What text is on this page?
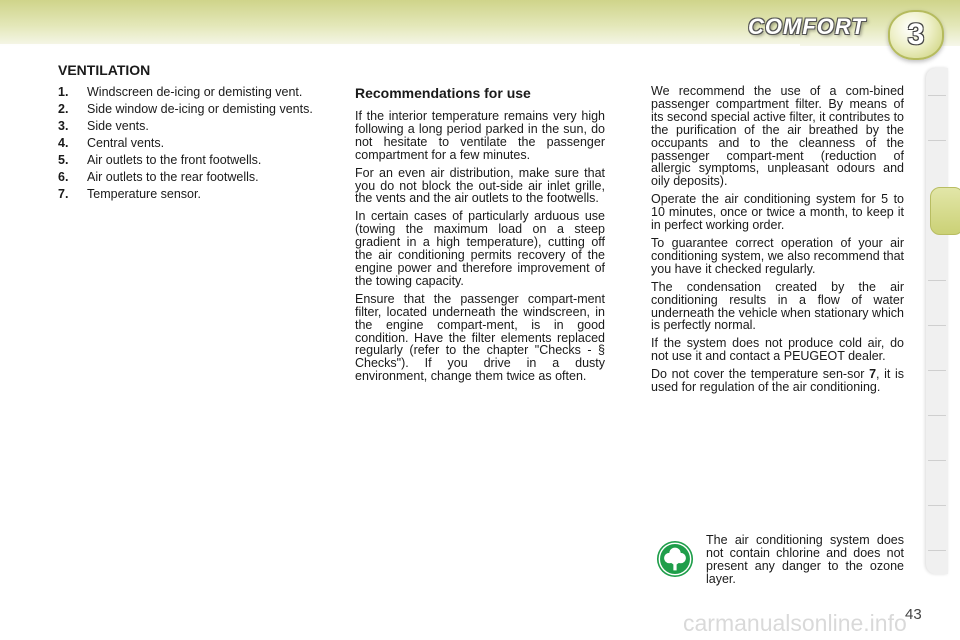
COMFORT	3
VENTILATION
1.	Windscreen de-icing or demisting vent.
2.	Side window de-icing or demisting vents.
3.	Side vents.
4.	Central vents.
5.	Air outlets to the front footwells.
6.	Air outlets to the rear footwells.
7.	Temperature sensor.
Recommendations for use

If the interior temperature remains very high following a long period parked in the sun, do not hesitate to ventilate the passenger compartment for a few minutes.

For an even air distribution, make sure that you do not block the out-side air inlet grille, the vents and the air outlets to the footwells.

In certain cases of particularly arduous use (towing the maximum load on a steep gradient in a high temperature), cutting off the air conditioning permits recovery of the engine power and therefore improvement of the towing capacity.

Ensure that the passenger compart-ment filter, located underneath the windscreen, in the engine compart-ment, is in good condition. Have the filter elements replaced regularly (refer to the chapter "Checks - § Checks"). If you drive in a dusty environment, change them twice as often.

We recommend the use of a com-bined passenger compartment filter. By means of its second special active filter, it contributes to the purification of the air breathed by the occupants and to the cleanness of the passenger compart-ment (reduction of allergic symptoms, unpleasant odours and oily deposits).

Operate the air conditioning system for 5 to 10 minutes, once or twice a month, to keep it in perfect working order.

To guarantee correct operation of your air conditioning system, we also recommend that you have it checked regularly.

The condensation created by the air conditioning results in a flow of water underneath the vehicle when stationary which is perfectly normal.

If the system does not produce cold air, do not use it and contact a PEUGEOT dealer.

Do not cover the temperature sen-sor 7, it is used for regulation of the air conditioning.

The air conditioning system does not contain chlorine and does not present any danger to the ozone layer.

43
carmanualsonline.info
